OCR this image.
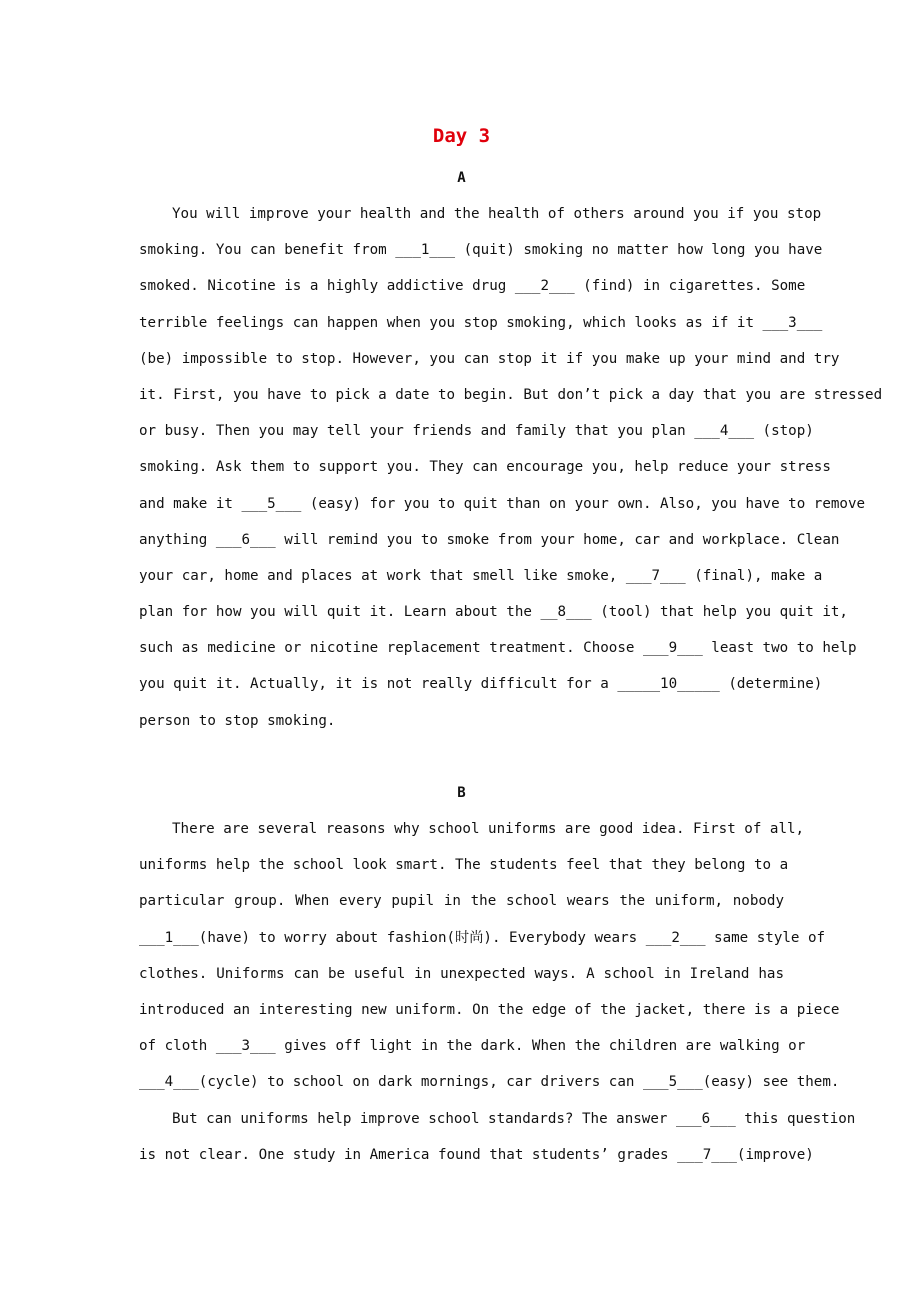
Day 3
A
You will improve your health and the health of others around you if you stop
smoking. You can benefit from ___1___ (quit) smoking no matter how long you have
smoked. Nicotine is a highly addictive drug ___2___ (find) in cigarettes. Some
terrible feelings can happen when you stop smoking, which looks as if it ___3___
(be) impossible to stop. However, you can stop it if you make up your mind and try
it. First, you have to pick a date to begin. But don’t pick a day that you are stressed
or busy. Then you may tell your friends and family that you plan ___4___ (stop)
smoking. Ask them to support you. They can encourage you, help reduce your stress
and make it ___5___ (easy) for you to quit than on your own. Also, you have to remove
anything ___6___ will remind you to smoke from your home, car and workplace. Clean
your car, home and places at work that smell like smoke, ___7___ (final), make a
plan for how you will quit it. Learn about the __8___ (tool) that help you quit it,
such as medicine or nicotine replacement treatment. Choose ___9___ least two to help
you quit it. Actually, it is not really difficult for a _____10_____ (determine)
person to stop smoking.
B
There are several reasons why school uniforms are good idea. First of all,
uniforms help the school look smart. The students feel that they belong to a
particular group. When every pupil in the school wears the uniform, nobody
___1___(have) to worry about fashion(时尚). Everybody wears ___2___ same style of
clothes. Uniforms can be useful in unexpected ways. A school in Ireland has
introduced an interesting new uniform. On the edge of the jacket, there is a piece
of cloth ___3___ gives off light in the dark. When the children are walking or
___4___(cycle) to school on dark mornings, car drivers can ___5___(easy) see them.
But can uniforms help improve school standards? The answer ___6___ this question
is not clear. One study in America found that students’ grades ___7___(improve)
